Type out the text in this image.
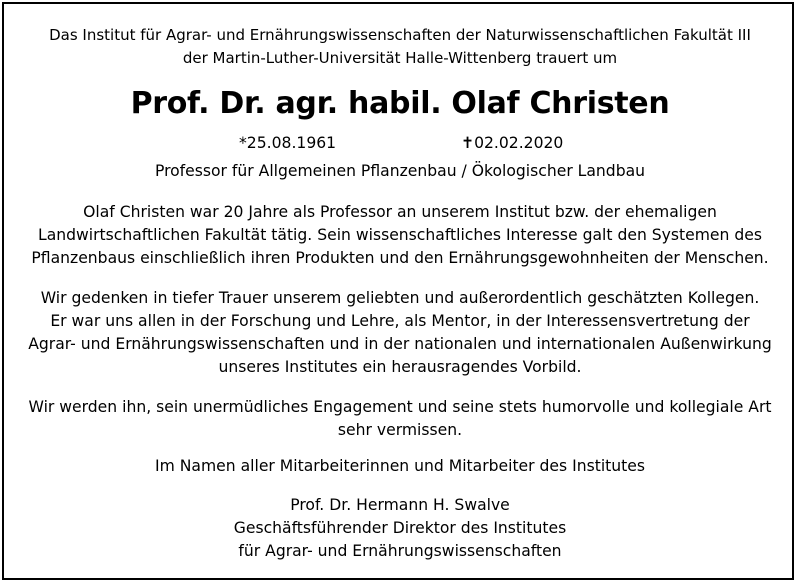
Das Institut für Agrar- und Ernährungswissenschaften der Naturwissenschaftlichen Fakultät III
der Martin-Luther-Universität Halle-Wittenberg trauert um
Prof. Dr. agr. habil. Olaf Christen
*25.08.1961	✝02.02.2020
Professor für Allgemeinen Pflanzenbau / Ökologischer Landbau
Olaf Christen war 20 Jahre als Professor an unserem Institut bzw. der ehemaligen
Landwirtschaftlichen Fakultät tätig. Sein wissenschaftliches Interesse galt den Systemen des
Pflanzenbaus einschließlich ihren Produkten und den Ernährungsgewohnheiten der Menschen.
Wir gedenken in tiefer Trauer unserem geliebten und außerordentlich geschätzten Kollegen.
Er war uns allen in der Forschung und Lehre, als Mentor, in der Interessensvertretung der
Agrar- und Ernährungswissenschaften und in der nationalen und internationalen Außenwirkung
unseres Institutes ein herausragendes Vorbild.
Wir werden ihn, sein unermüdliches Engagement und seine stets humorvolle und kollegiale Art
sehr vermissen.
Im Namen aller Mitarbeiterinnen und Mitarbeiter des Institutes
Prof. Dr. Hermann H. Swalve
Geschäftsführender Direktor des Institutes
für Agrar- und Ernährungswissenschaften
